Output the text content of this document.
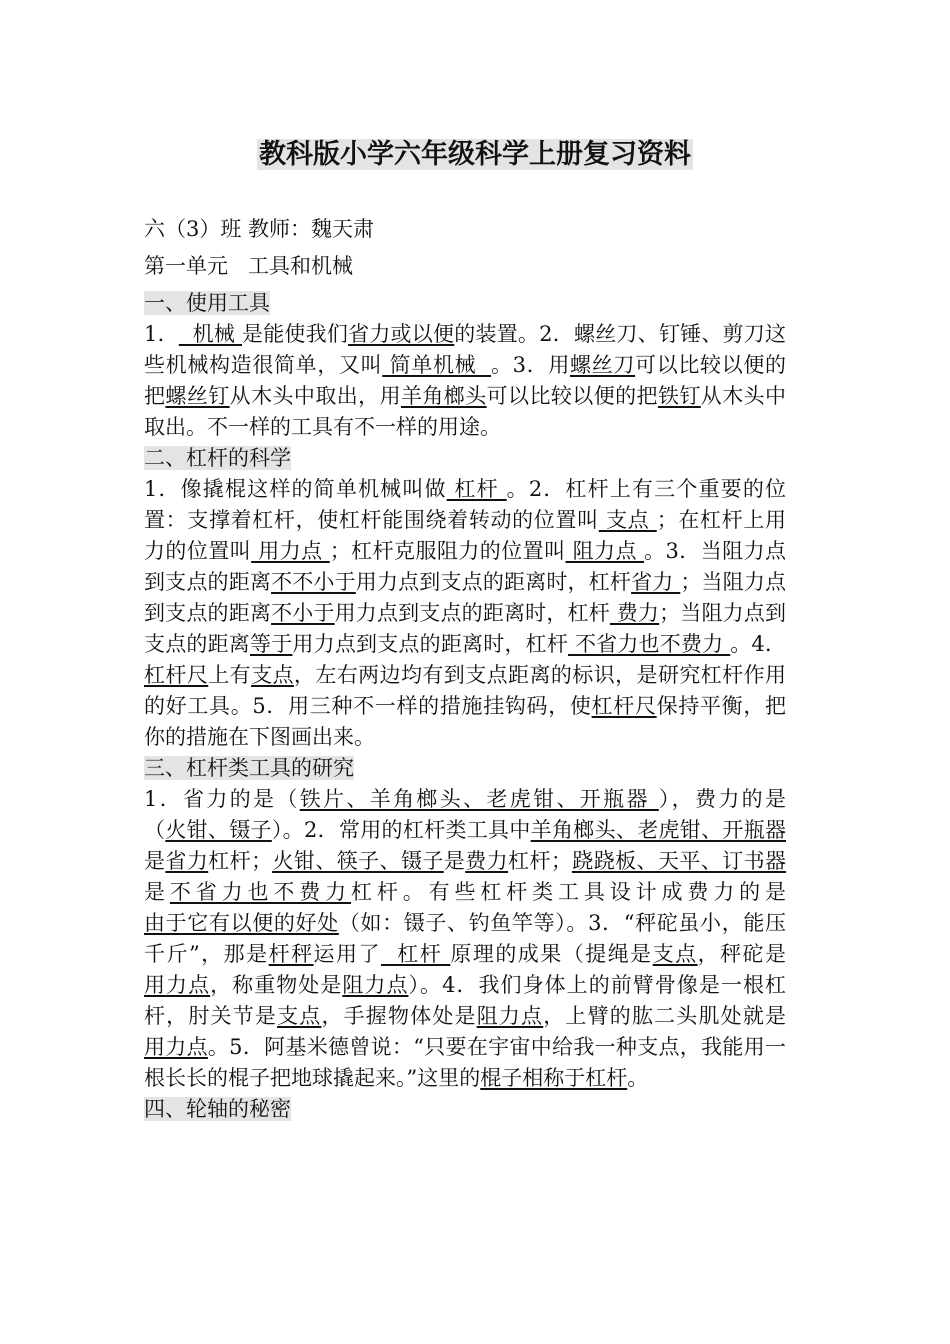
教科版小学六年级科学上册复习资料

六（3）班 教师：魏天肃

第一单元 工具和机械

一、使用工具

1．  机械 是能使我们省力或以便的装置。2．螺丝刀、钉锤、剪刀这些机械构造很简单，又叫 简单机械  。3．用螺丝刀可以比较以便的把螺丝钉从木头中取出，用羊角榔头可以比较以便的把铁钉从木头中取出。不一样的工具有不一样的用途。

二、杠杆的科学

1．像撬棍这样的简单机械叫做 杠杆 。2．杠杆上有三个重要的位置：支撑着杠杆，使杠杆能围绕着转动的位置叫 支点 ；在杠杆上用力的位置叫 用力点 ；杠杆克服阻力的位置叫 阻力点 。3．当阻力点到支点的距离不不小于用力点到支点的距离时，杠杆省力 ；当阻力点到支点的距离不小于用力点到支点的距离时，杠杆 费力；当阻力点到支点的距离等于用力点到支点的距离时，杠杆 不省力也不费力 。4．杠杆尺上有支点，左右两边均有到支点距离的标识，是研究杠杆作用的好工具。5．用三种不一样的措施挂钩码，使杠杆尺保持平衡，把你的措施在下图画出来。

三、杠杆类工具的研究

1．省力的是（铁片、羊角榔头、老虎钳、开瓶器 ），费力的是（火钳、镊子）。2．常用的杠杆类工具中羊角榔头、老虎钳、开瓶器是省力杠杆；火钳、筷子、镊子是费力杠杆；跷跷板、天平、订书器是不省力也不费力杠杆。有些杠杆类工具设计成费力的是由于它有以便的好处（如：镊子、钓鱼竿等）。3．“秤砣虽小，能压千斤”，那是杆秤运用了  杠杆 原理的成果（提绳是支点，秤砣是用力点，称重物处是阻力点）。4．我们身体上的前臂骨像是一根杠杆，肘关节是支点，手握物体处是阻力点，上臂的肱二头肌处就是用力点。5．阿基米德曾说：“只要在宇宙中给我一种支点，我能用一根长长的棍子把地球撬起来。”这里的棍子相称于杠杆。

四、轮轴的秘密
